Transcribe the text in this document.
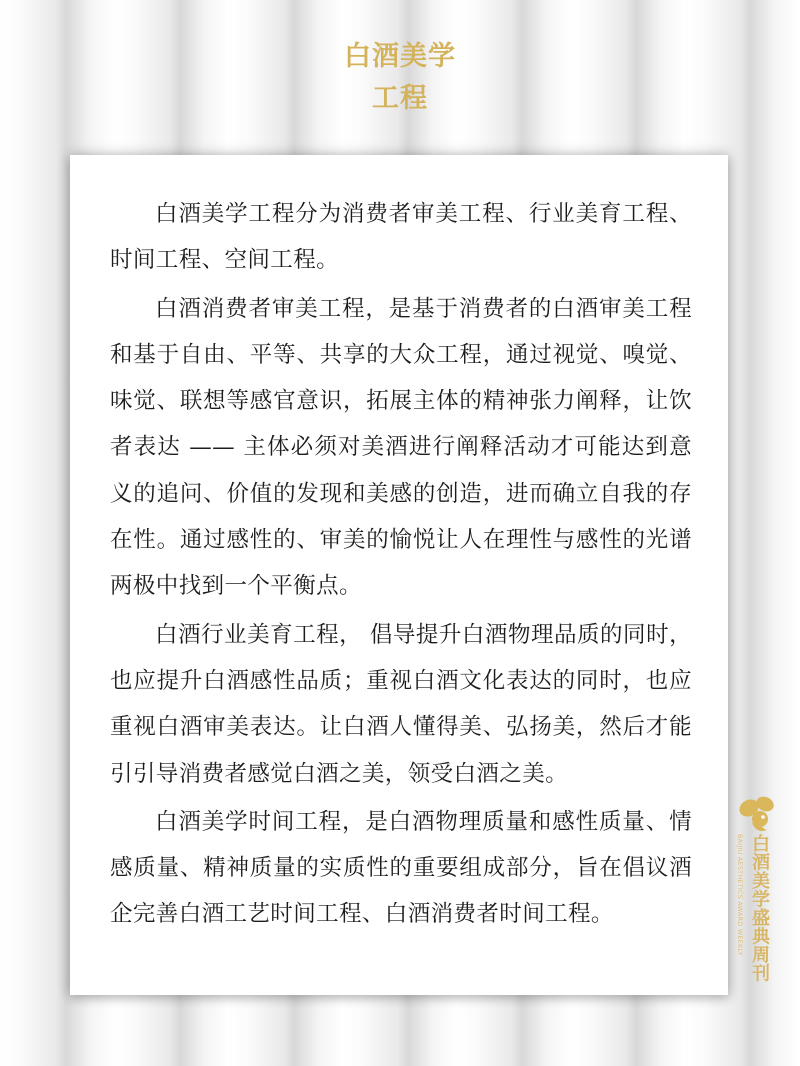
白酒美学
工程

白酒美学工程分为消费者审美工程、行业美育工程、时间工程、空间工程。

白酒消费者审美工程，是基于消费者的白酒审美工程和基于自由、平等、共享的大众工程，通过视觉、嗅觉、味觉、联想等感官意识，拓展主体的精神张力阐释，让饮者表达 —— 主体必须对美酒进行阐释活动才可能达到意义的追问、价值的发现和美感的创造，进而确立自我的存在性。通过感性的、审美的愉悦让人在理性与感性的光谱两极中找到一个平衡点。

白酒行业美育工程， 倡导提升白酒物理品质的同时，也应提升白酒感性品质；重视白酒文化表达的同时，也应重视白酒审美表达。让白酒人懂得美、弘扬美，然后才能引引导消费者感觉白酒之美，领受白酒之美。

白酒美学时间工程，是白酒物理质量和感性质量、情感质量、精神质量的实质性的重要组成部分，旨在倡议酒企完善白酒工艺时间工程、白酒消费者时间工程。	BAIJIU AESTHETICS AWARD WEEKLY 白酒美学盛典周刊
